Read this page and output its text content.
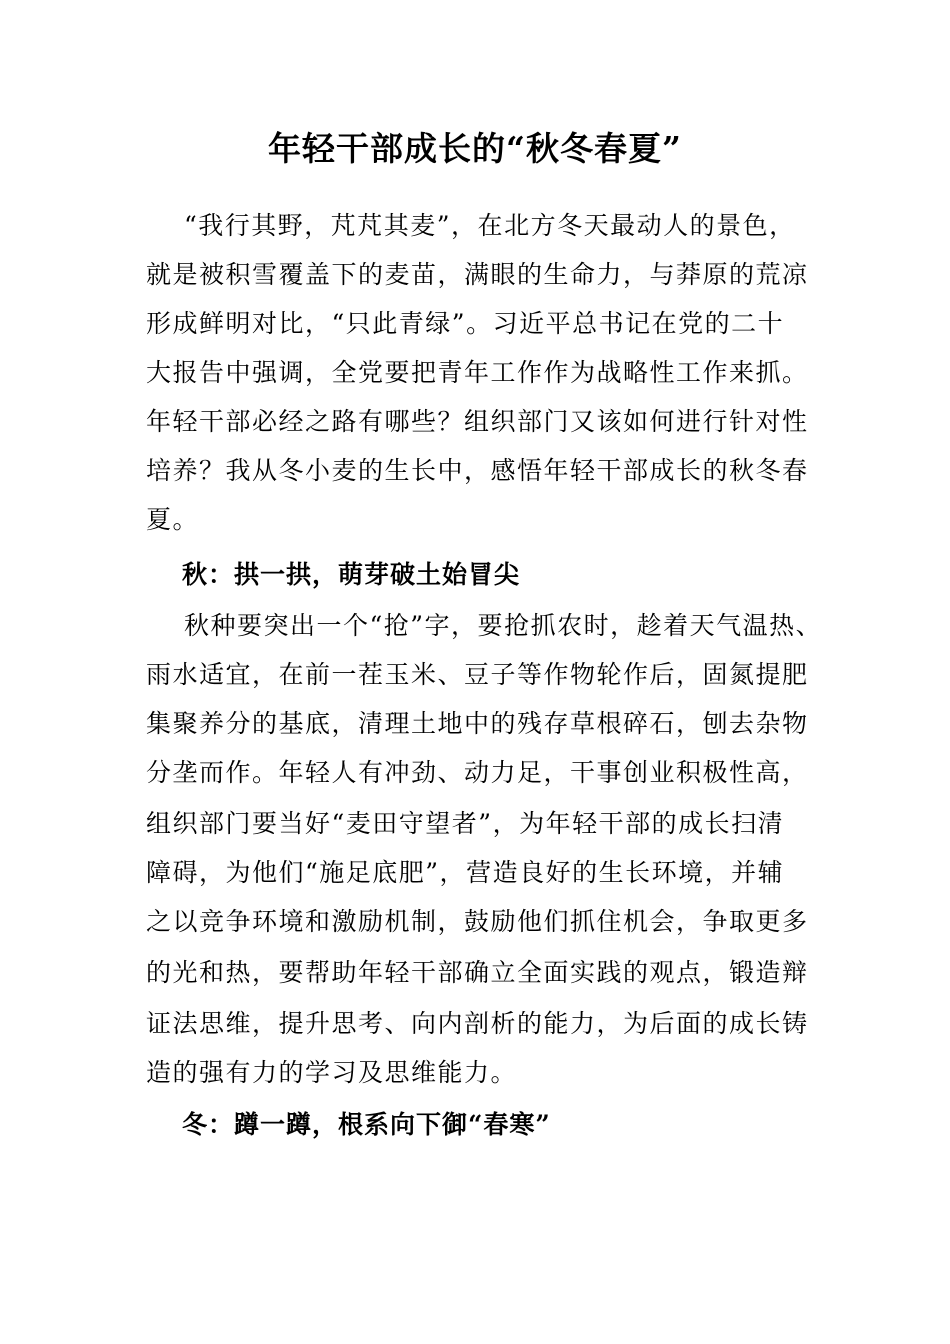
年轻干部成长的“秋冬春夏”
“我行其野，芃芃其麦”，在北方冬天最动人的景色，
就是被积雪覆盖下的麦苗，满眼的生命力，与莽原的荒凉
形成鲜明对比，“只此青绿”。习近平总书记在党的二十
大报告中强调，全党要把青年工作作为战略性工作来抓。
年轻干部必经之路有哪些？组织部门又该如何进行针对性
培养？我从冬小麦的生长中，感悟年轻干部成长的秋冬春
夏。
秋：拱一拱，萌芽破土始冒尖
秋种要突出一个“抢”字，要抢抓农时，趁着天气温热、
雨水适宜，在前一茬玉米、豆子等作物轮作后，固氮提肥
集聚养分的基底，清理土地中的残存草根碎石，刨去杂物
分垄而作。年轻人有冲劲、动力足，干事创业积极性高，
组织部门要当好“麦田守望者”，为年轻干部的成长扫清
障碍，为他们“施足底肥”，营造良好的生长环境，并辅
之以竞争环境和激励机制，鼓励他们抓住机会，争取更多
的光和热，要帮助年轻干部确立全面实践的观点，锻造辩
证法思维，提升思考、向内剖析的能力，为后面的成长铸
造的强有力的学习及思维能力。
冬：蹲一蹲，根系向下御“春寒”
